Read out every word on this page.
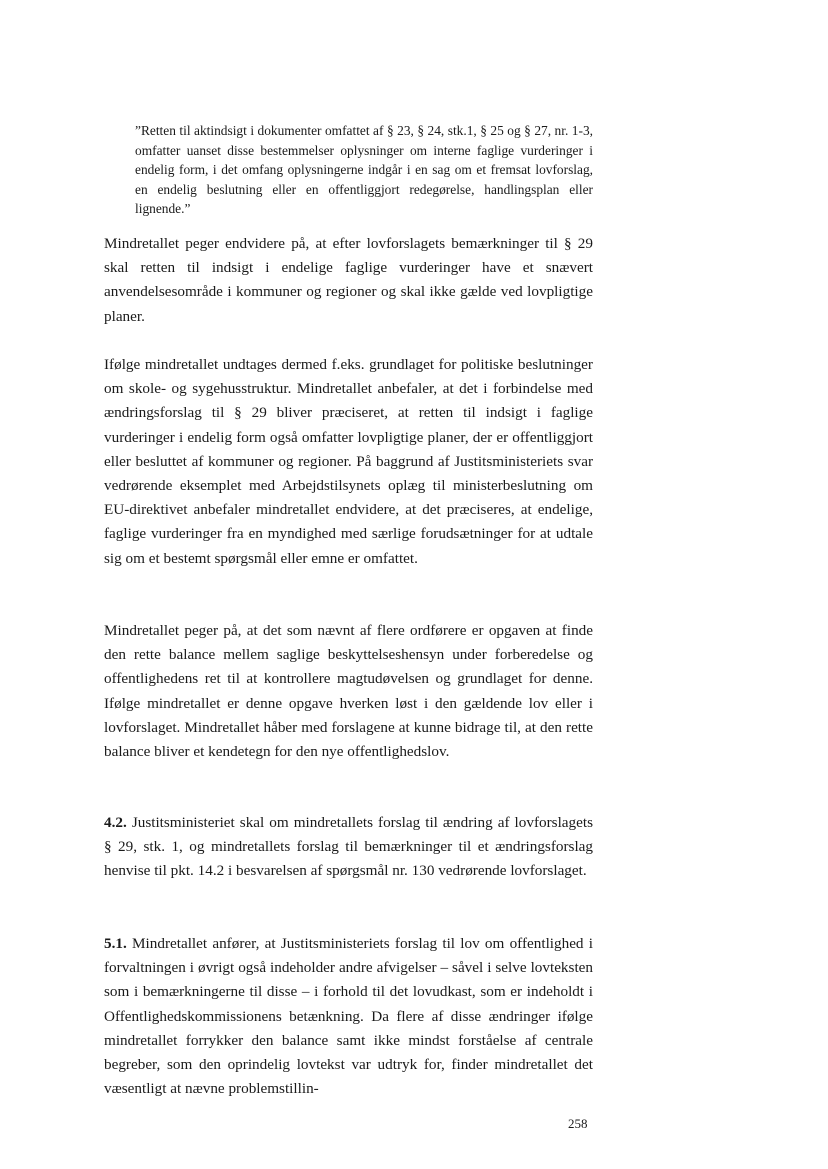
”Retten til aktindsigt i dokumenter omfattet af § 23, § 24, stk.1, § 25 og § 27, nr. 1-3, omfatter uanset disse bestemmelser oplysninger om interne faglige vurderinger i endelig form, i det omfang oplysningerne indgår i en sag om et fremsat lovforslag, en endelig beslutning eller en offentliggjort redegørelse, handlingsplan eller lignende.”
Mindretallet peger endvidere på, at efter lovforslagets bemærkninger til § 29 skal retten til indsigt i endelige faglige vurderinger have et snævert anvendelsesområde i kommuner og regioner og skal ikke gælde ved lovpligtige planer.
Ifølge mindretallet undtages dermed f.eks. grundlaget for politiske beslutninger om skole- og sygehusstruktur. Mindretallet anbefaler, at det i forbindelse med ændringsforslag til § 29 bliver præciseret, at retten til indsigt i faglige vurderinger i endelig form også omfatter lovpligtige planer, der er offentliggjort eller besluttet af kommuner og regioner. På baggrund af Justitsministeriets svar vedrørende eksemplet med Arbejdstilsynets oplæg til ministerbeslutning om EU-direktivet anbefaler mindretallet endvidere, at det præciseres, at endelige, faglige vurderinger fra en myndighed med særlige forudsætninger for at udtale sig om et bestemt spørgsmål eller emne er omfattet.
Mindretallet peger på, at det som nævnt af flere ordførere er opgaven at finde den rette balance mellem saglige beskyttelseshensyn under forberedelse og offentlighedens ret til at kontrollere magtudøvelsen og grundlaget for denne. Ifølge mindretallet er denne opgave hverken løst i den gældende lov eller i lovforslaget. Mindretallet håber med forslagene at kunne bidrage til, at den rette balance bliver et kendetegn for den nye offentlighedslov.
4.2. Justitsministeriet skal om mindretallets forslag til ændring af lovforslagets § 29, stk. 1, og mindretallets forslag til bemærkninger til et ændringsforslag henvise til pkt. 14.2 i besvarelsen af spørgsmål nr. 130 vedrørende lovforslaget.
5.1. Mindretallet anfører, at Justitsministeriets forslag til lov om offentlighed i forvaltningen i øvrigt også indeholder andre afvigelser – såvel i selve lovteksten som i bemærkningerne til disse – i forhold til det lovudkast, som er indeholdt i Offentlighedskommissionens betænkning. Da flere af disse ændringer ifølge mindretallet forrykker den balance samt ikke mindst forståelse af centrale begreber, som den oprindelig lovtekst var udtryk for, finder mindretallet det væsentligt at nævne problemstillin-
258
